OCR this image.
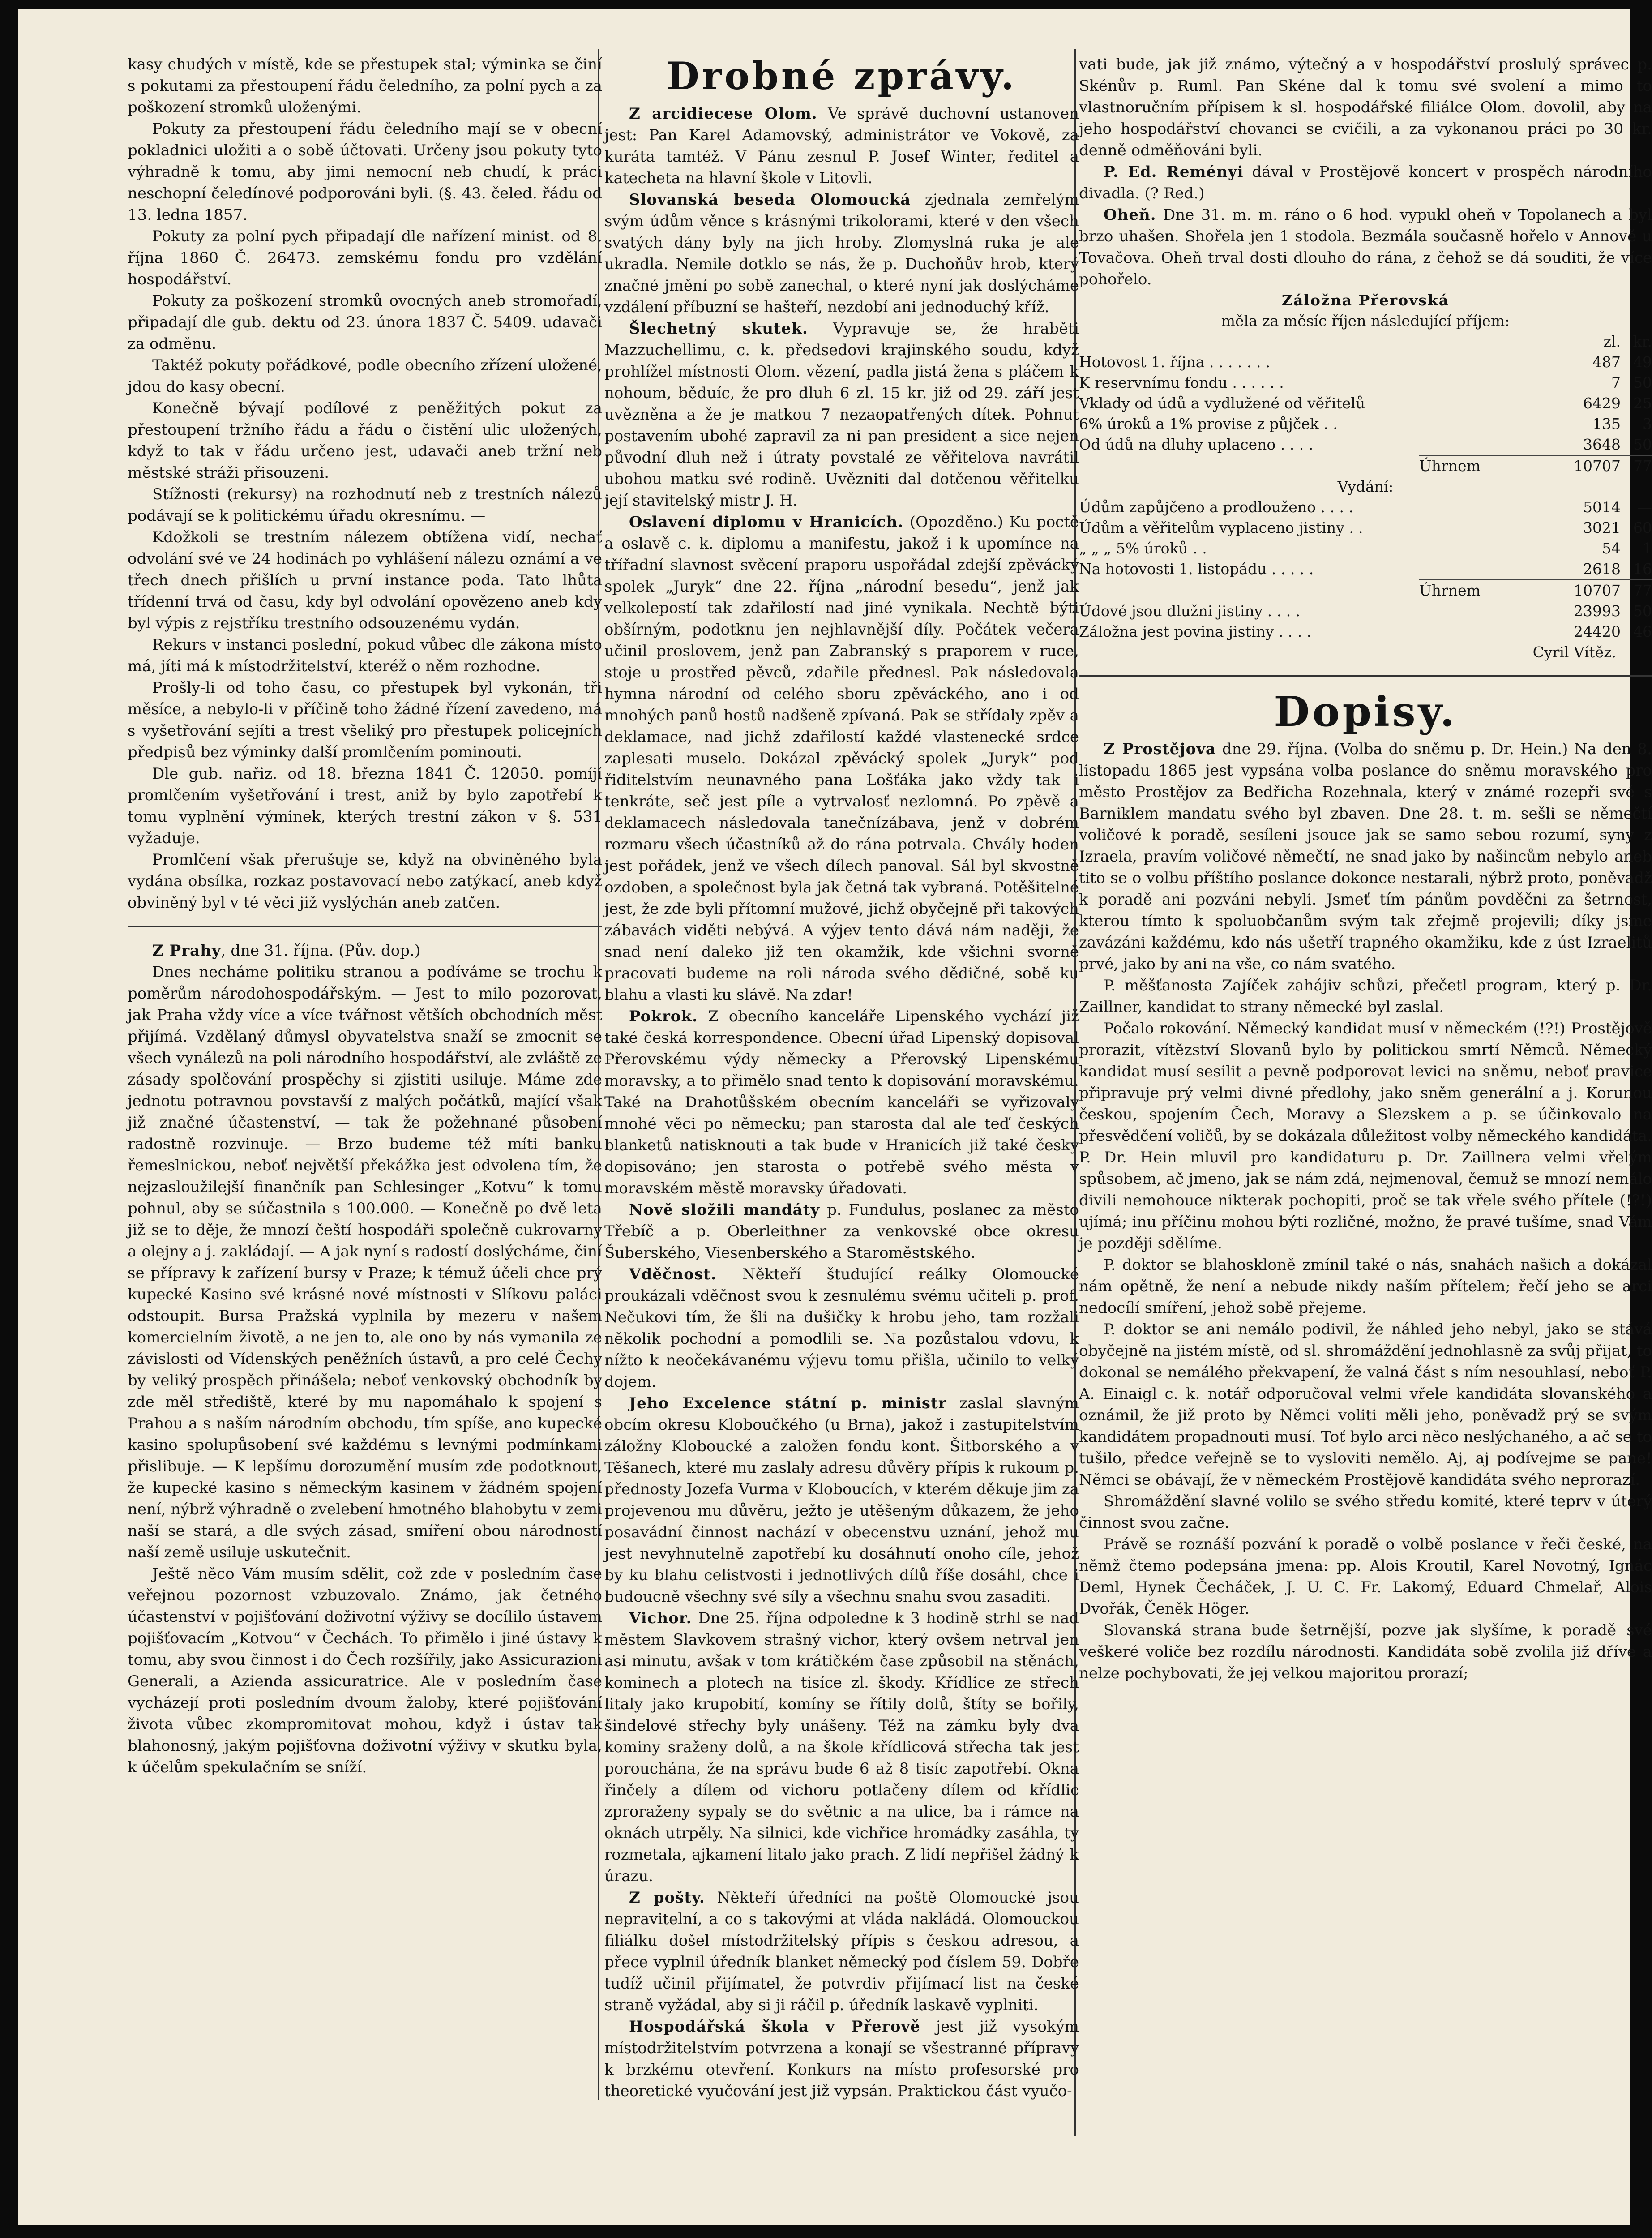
kasy chudých v místě, kde se přestupek stal; výminka se činí s pokutami za přestoupení řádu čeledního, za polní pych a za poškození stromků uloženými.

Pokuty za přestoupení řádu čeledního mají se v obecní pokladnici uložiti a o sobě účtovati. Určeny jsou pokuty tyto výhradně k tomu, aby jimi nemocní neb chudí, k práci neschopní čeledínové podporováni byli. (§. 43. čeled. řádu od 13. ledna 1857.

Pokuty za polní pych připadají dle nařízení minist. od 8. října 1860 Č. 26473. zemskému fondu pro vzdělání hospodářství.

Pokuty za poškození stromků ovocných aneb stromořadí, připadají dle gub. dektu od 23. února 1837 Č. 5409. udavači za odměnu.

Taktéž pokuty pořádkové, podle obecního zřízení uložené, jdou do kasy obecní.

Konečně bývají podílové z peněžitých pokut za přestoupení tržního řádu a řádu o čistění ulic uložených, když to tak v řádu určeno jest, udavači aneb tržní neb městské stráži přisouzeni.

Stížnosti (rekursy) na rozhodnutí neb z trestních nálezů podávají se k politickému úřadu okresnímu. —

Kdožkoli se trestním nálezem obtížena vidí, nechať odvolání své ve 24 hodinách po vyhlášení nálezu oznámí a ve třech dnech přišlích u první instance poda. Tato lhůta třídenní trvá od času, kdy byl odvolání opovězeno aneb kdy byl výpis z rejstříku trestního odsouzenému vydán.

Rekurs v instanci poslední, pokud vůbec dle zákona místo má, jíti má k místodržitelství, kteréž o něm rozhodne.

Prošly-li od toho času, co přestupek byl vykonán, tři měsíce, a nebylo-li v příčině toho žádné řízení zavedeno, má s vyšetřování sejíti a trest všeliký pro přestupek policejních předpisů bez výminky další promlčením pominouti.

Dle gub. nařiz. od 18. března 1841 Č. 12050. pomíjí promlčením vyšetřování i trest, aniž by bylo zapotřebí k tomu vyplnění výminek, kterých trestní zákon v §. 531 vyžaduje.

Promlčení však přerušuje se, když na obviněného byla vydána obsílka, rozkaz postavovací nebo zatýkací, aneb když obviněný byl v té věci již vyslýchán aneb zatčen.

Z Prahy, dne 31. října. (Pův. dop.)

Dnes necháme politiku stranou a podíváme se trochu k poměrům národohospodářským. — Jest to milo pozorovat, jak Praha vždy více a více tvářnost větších obchodních měst přijímá. Vzdělaný důmysl obyvatelstva snaží se zmocnit se všech vynálezů na poli národního hospodářství, ale zvláště ze zásady spolčování prospěchy si zjistiti usiluje. Máme zde jednotu potravnou povstavší z malých počátků, mající však již značné účastenství, — tak že požehnané působení radostně rozvinuje. — Brzo budeme též míti banku řemeslnickou, neboť největší překážka jest odvolena tím, že nejzasloužilejší finančník pan Schlesinger „Kotvu“ k tomu pohnul, aby se súčastnila s 100.000. — Konečně po dvě leta již se to děje, že mnozí čeští hospodáři společně cukrovarny a olejny a j. zakládají. — A jak nyní s radostí doslýcháme, činí se přípravy k zařízení bursy v Praze; k témuž účeli chce prý kupecké Kasino své krásné nové místnosti v Slíkovu paláci odstoupit. Bursa Pražská vyplnila by mezeru v našem komercielním životě, a ne jen to, ale ono by nás vymanila ze závislosti od Vídenských peněžních ústavů, a pro celé Čechy by veliký prospěch přinášela; neboť venkovský obchodník by zde měl střediště, které by mu napomáhalo k spojení s Prahou a s naším národním obchodu, tím spíše, ano kupecké kasino spolupůsobení své každému s levnými podmínkami přislibuje. — K lepšímu dorozumění musím zde podotknout, že kupecké kasino s německým kasinem v žádném spojení není, nýbrž výhradně o zvelebení hmotného blahobytu v zemi naší se stará, a dle svých zásad, smíření obou národností naší země usiluje uskutečnit.

Ještě něco Vám musím sdělit, což zde v posledním čase veřejnou pozornost vzbuzovalo. Známo, jak četného účastenství v pojišťování doživotní výživy se docílilo ústavem pojišťovacím „Kotvou“ v Čechách. To přimělo i jiné ústavy k tomu, aby svou činnost i do Čech rozšířily, jako Assicurazioni Generali, a Azienda assicuratrice. Ale v posledním čase vycházejí proti posledním dvoum žaloby, které pojišťování života vůbec zkompromitovat mohou, když i ústav tak blahonosný, jakým pojišťovna doživotní výživy v skutku byla, k účelům spekulačním se sníží.

Drobné zprávy.

Z arcidiecese Olom. Ve správě duchovní ustanoven jest: Pan Karel Adamovský, administrátor ve Vokově, za kuráta tamtéž. V Pánu zesnul P. Josef Winter, ředitel a katecheta na hlavní škole v Litovli.

Slovanská beseda Olomoucká zjednala zemřelým svým údům věnce s krásnými trikolorami, které v den všech svatých dány byly na jich hroby. Zlomyslná ruka je ale ukradla. Nemile dotklo se nás, že p. Duchoňův hrob, který značné jmění po sobě zanechal, o které nyní jak doslýcháme vzdálení příbuzní se hašteří, nezdobí ani jednoduchý kříž.

Šlechetný skutek. Vypravuje se, že hraběti Mazzuchellimu, c. k. předsedovi krajinského soudu, když prohlížel místnosti Olom. vězení, padla jistá žena s pláčem k nohoum, běduíc, že pro dluh 6 zl. 15 kr. již od 29. září jest uvězněna a že je matkou 7 nezaopatřených dítek. Pohnut postavením ubohé zapravil za ni pan president a sice nejen původní dluh než i útraty povstalé ze věřitelova navrátil ubohou matku své rodině. Uvězniti dal dotčenou věřitelku její stavitelský mistr J. H.

Oslavení diplomu v Hranicích. (Opozděno.) Ku poctě a oslavě c. k. diplomu a manifestu, jakož i k upomínce na třířadní slavnost svěcení praporu uspořádal zdejší zpěvácký spolek „Juryk“ dne 22. října „národní besedu“, jenž jak velkolepostí tak zdařilostí nad jiné vynikala. Nechtě býti obšírným, podotknu jen nejhlavnější díly. Počátek večera učinil proslovem, jenž pan Zabranský s praporem v ruce, stoje u prostřed pěvců, zdařile přednesl. Pak následovala hymna národní od celého sboru zpěváckého, ano i od mnohých panů hostů nadšeně zpívaná. Pak se střídaly zpěv a deklamace, nad jichž zdařilostí každé vlastenecké srdce zaplesati muselo. Dokázal zpěvácký spolek „Juryk“ pod řiditelstvím neunavného pana Lošťáka jako vždy tak i tenkráte, seč jest píle a vytrvalosť nezlomná. Po zpěvě a deklamacech následovala tanečnízábava, jenž v dobrém rozmaru všech účastníků až do rána potrvala. Chvály hoden jest pořádek, jenž ve všech dílech panoval. Sál byl skvostně ozdoben, a společnost byla jak četná tak vybraná. Potěšitelné jest, že zde byli přítomní mužové, jichž obyčejně při takových zábavách viděti nebývá. A výjev tento dává nám naději, že snad není daleko již ten okamžik, kde všichni svorně pracovati budeme na roli národa svého dědičné, sobě ku blahu a vlasti ku slávě. Na zdar!

Pokrok. Z obecního kanceláře Lipenského vychází již také česká korrespondence. Obecní úřad Lipenský dopisoval Přerovskému výdy německy a Přerovský Lipenskému moravsky, a to přimělo snad tento k dopisování moravskému. Také na Drahotůšském obecním kanceláři se vyřizovaly mnohé věci po německu; pan starosta dal ale teď českých blanketů natisknouti a tak bude v Hranicích již také česky dopisováno; jen starosta o potřebě svého města v moravském městě moravsky úřadovati.

Nově složili mandáty p. Fundulus, poslanec za město Třebíč a p. Oberleithner za venkovské obce okresu Šuberského, Viesenberského a Staroměstského.

Vděčnost. Někteří študující reálky Olomoucké proukázali vděčnost svou k zesnulému svému učiteli p. prof. Nečukovi tím, že šli na dušičky k hrobu jeho, tam rozžali několik pochodní a pomodlili se. Na pozůstalou vdovu, k nížto k neočekávanému výjevu tomu přišla, učinilo to velký dojem.

Jeho Excelence státní p. ministr zaslal slavným obcím okresu Kloboučkého (u Brna), jakož i zastupitelstvím záložny Kloboucké a založen fondu kont. Šitborského a v Těšanech, které mu zaslaly adresu důvěry přípis k rukoum p. přednosty Jozefa Vurma v Kloboucích, v kterém děkuje jim za projevenou mu důvěru, ježto je utěšeným důkazem, že jeho posavádní činnost nachází v obecenstvu uznání, jehož mu jest nevyhnutelně zapotřebí ku dosáhnutí onoho cíle, jehož by ku blahu celistvosti i jednotlivých dílů říše dosáhl, chce i budoucně všechny své síly a všechnu snahu svou zasaditi.

Vichor. Dne 25. října odpoledne k 3 hodině strhl se nad městem Slavkovem strašný vichor, který ovšem netrval jen asi minutu, avšak v tom krátičkém čase způsobil na stěnách, kominech a plotech na tisíce zl. škody. Křídlice ze střech litaly jako krupobití, komíny se řítily dolů, štíty se bořily, šindelové střechy byly unášeny. Též na zámku byly dva kominy sraženy dolů, a na škole křídlicová střecha tak jest porouchána, že na správu bude 6 až 8 tisíc zapotřebí. Okna řinčely a dílem od vichoru potlačeny dílem od křídlic zproraženy sypaly se do světnic a na ulice, ba i rámce na oknách utrpěly. Na silnici, kde vichřice hromádky zasáhla, ty rozmetala, ajkamení litalo jako prach. Z lidí nepřišel žádný k úrazu.

Z pošty. Někteří úředníci na poště Olomoucké jsou nepravitelní, a co s takovými at vláda nakládá. Olomouckou filiálku došel místodržitelský přípis s českou adresou, a přece vyplnil úředník blanket německý pod číslem 59. Dobře tudíž učinil přijímatel, že potvrdiv přijímací list na české straně vyžádal, aby si ji ráčil p. úředník laskavě vyplniti.

Hospodářská škola v Přerově jest již vysokým místodržitelstvím potvrzena a konají se všestranné přípravy k brzkému otevření. Konkurs na místo profesorské pro theoretické vyučování jest již vypsán. Praktickou část vyučo-

vati bude, jak již známo, výtečný a v hospodářství proslulý správec p. Skénův p. Ruml. Pan Skéne dal k tomu své svolení a mimo to vlastnoručním přípisem k sl. hospodářské filiálce Olom. dovolil, aby na jeho hospodářství chovanci se cvičili, a za vykonanou práci po 30 kr. denně odměňováni byli.

P. Ed. Reményi dával v Prostějově koncert v prospěch národního divadla. (? Red.)

Oheň. Dne 31. m. m. ráno o 6 hod. vypukl oheň v Topolanech a byl brzo uhašen. Shořela jen 1 stodola. Bezmála současně hořelo v Annově u Tovačova. Oheň trval dosti dlouho do rána, z čehož se dá souditi, že více pohořelo.

Záložna Přerovská
měla za měsíc říjen následující příjem:
zl. kr.
Hotovost 1. října . . . . . . .	487 49
K reservnímu fondu . . . . . .	7 50
Vklady od údů a vydlužené od věřitelů	6429 25
6% úroků a 1% provise z půjček . .	135	3
Od údů na dluhy uplaceno . . . .	3648 50
Úhrnem	10707 77
Vydání:
Údům zapůjčeno a prodlouženo . . . .	5014	—
Údům a věřitelům vyplaceno jistiny . .	3021 60
„ „ „ 5% úroků . .	54	1
Na hotovosti 1. listopádu . . . . .	2618 16
Úhrnem	10707 77
Údové jsou dlužni jistiny . . . .	23993 50
Záložna jest povina jistiny . . . .	24420 46
Cyril Vítěz.
Dopisy.

Z Prostějova dne 29. října. (Volba do sněmu p. Dr. Hein.) Na den 8. listopadu 1865 jest vypsána volba poslance do sněmu moravského pro město Prostějov za Bedřicha Rozehnala, který v známé rozepři své s Barniklem mandatu svého byl zbaven. Dne 28. t. m. sešli se němečtí voličové k poradě, sesíleni jsouce jak se samo sebou rozumí, syny z Izraela, pravím voličové němečtí, ne snad jako by našincům nebylo aneb tito se o volbu příštího poslance dokonce nestarali, nýbrž proto, poněvadž k poradě ani pozváni nebyli. Jsmeť tím pánům povděčni za šetrnost, kterou tímto k spoluobčanům svým tak zřejmě projevili; díky jsme zavázáni každému, kdo nás ušetří trapného okamžiku, kde z úst Izraelitů prvé, jako by ani na vše, co nám svatého.

P. měšťanosta Zajíček zahájiv schůzi, přečetl program, který p. Dr. Zaillner, kandidat to strany německé byl zaslal.

Počalo rokování. Německý kandidat musí v německém (!?!) Prostějově prorazit, vítězství Slovanů bylo by politickou smrtí Němců. Německý kandidat musí sesilit a pevně podporovat levici na sněmu, neboť pravice připravuje prý velmi divné předlohy, jako sněm generální a j. Korunou českou, spojením Čech, Moravy a Slezskem a p. se účinkovalo na přesvědčení voličů, by se dokázala důležitost volby německého kandidáta. P. Dr. Hein mluvil pro kandidaturu p. Dr. Zaillnera velmi vřelým spůsobem, ač jmeno, jak se nám zdá, nejmenoval, čemuž se mnozí nemálo divili nemohouce nikterak pochopiti, proč se tak vřele svého přítele (!?!) ujímá; inu příčinu mohou býti rozličné, možno, že pravé tušíme, snad Vám je později sdělíme.

P. doktor se blahoskloně zmínil také o nás, snahách našich a dokázal nám opětně, že není a nebude nikdy naším přítelem; řečí jeho se arci nedocílí smíření, jehož sobě přejeme.

P. doktor se ani nemálo podivil, že náhled jeho nebyl, jako se stává obyčejně na jistém místě, od sl. shromáždění jednohlasně za svůj přijat, to dokonal se nemálého překvapení, že valná část s ním nesouhlasí, neboť P. A. Einaigl c. k. notář odporučoval velmi vřele kandidáta slovanského a oznámil, že již proto by Němci voliti měli jeho, poněvadž prý se svým kandidátem propadnouti musí. Toť bylo arci něco neslýchaného, a ač se to tušilo, předce veřejně se to vysloviti nemělo. Aj, aj podívejme se pane! Němci se obávají, že v německém Prostějově kandidáta svého neprorazí.

Shromáždění slavné volilo se svého středu komité, které teprv v úterý činnost svou začne.

Právě se roznáší pozvání k poradě o volbě poslance v řeči české, na němž čtemo podepsána jmena: pp. Alois Kroutil, Karel Novotný, Ignác Deml, Hynek Čecháček, J. U. C. Fr. Lakomý, Eduard Chmelař, Alois Dvořák, Čeněk Höger.

Slovanská strana bude šetrnější, pozve jak slyšíme, k poradě své veškeré voliče bez rozdílu národnosti. Kandidáta sobě zvolila již dříve a nelze pochybovati, že jej velkou majoritou prorazí;
